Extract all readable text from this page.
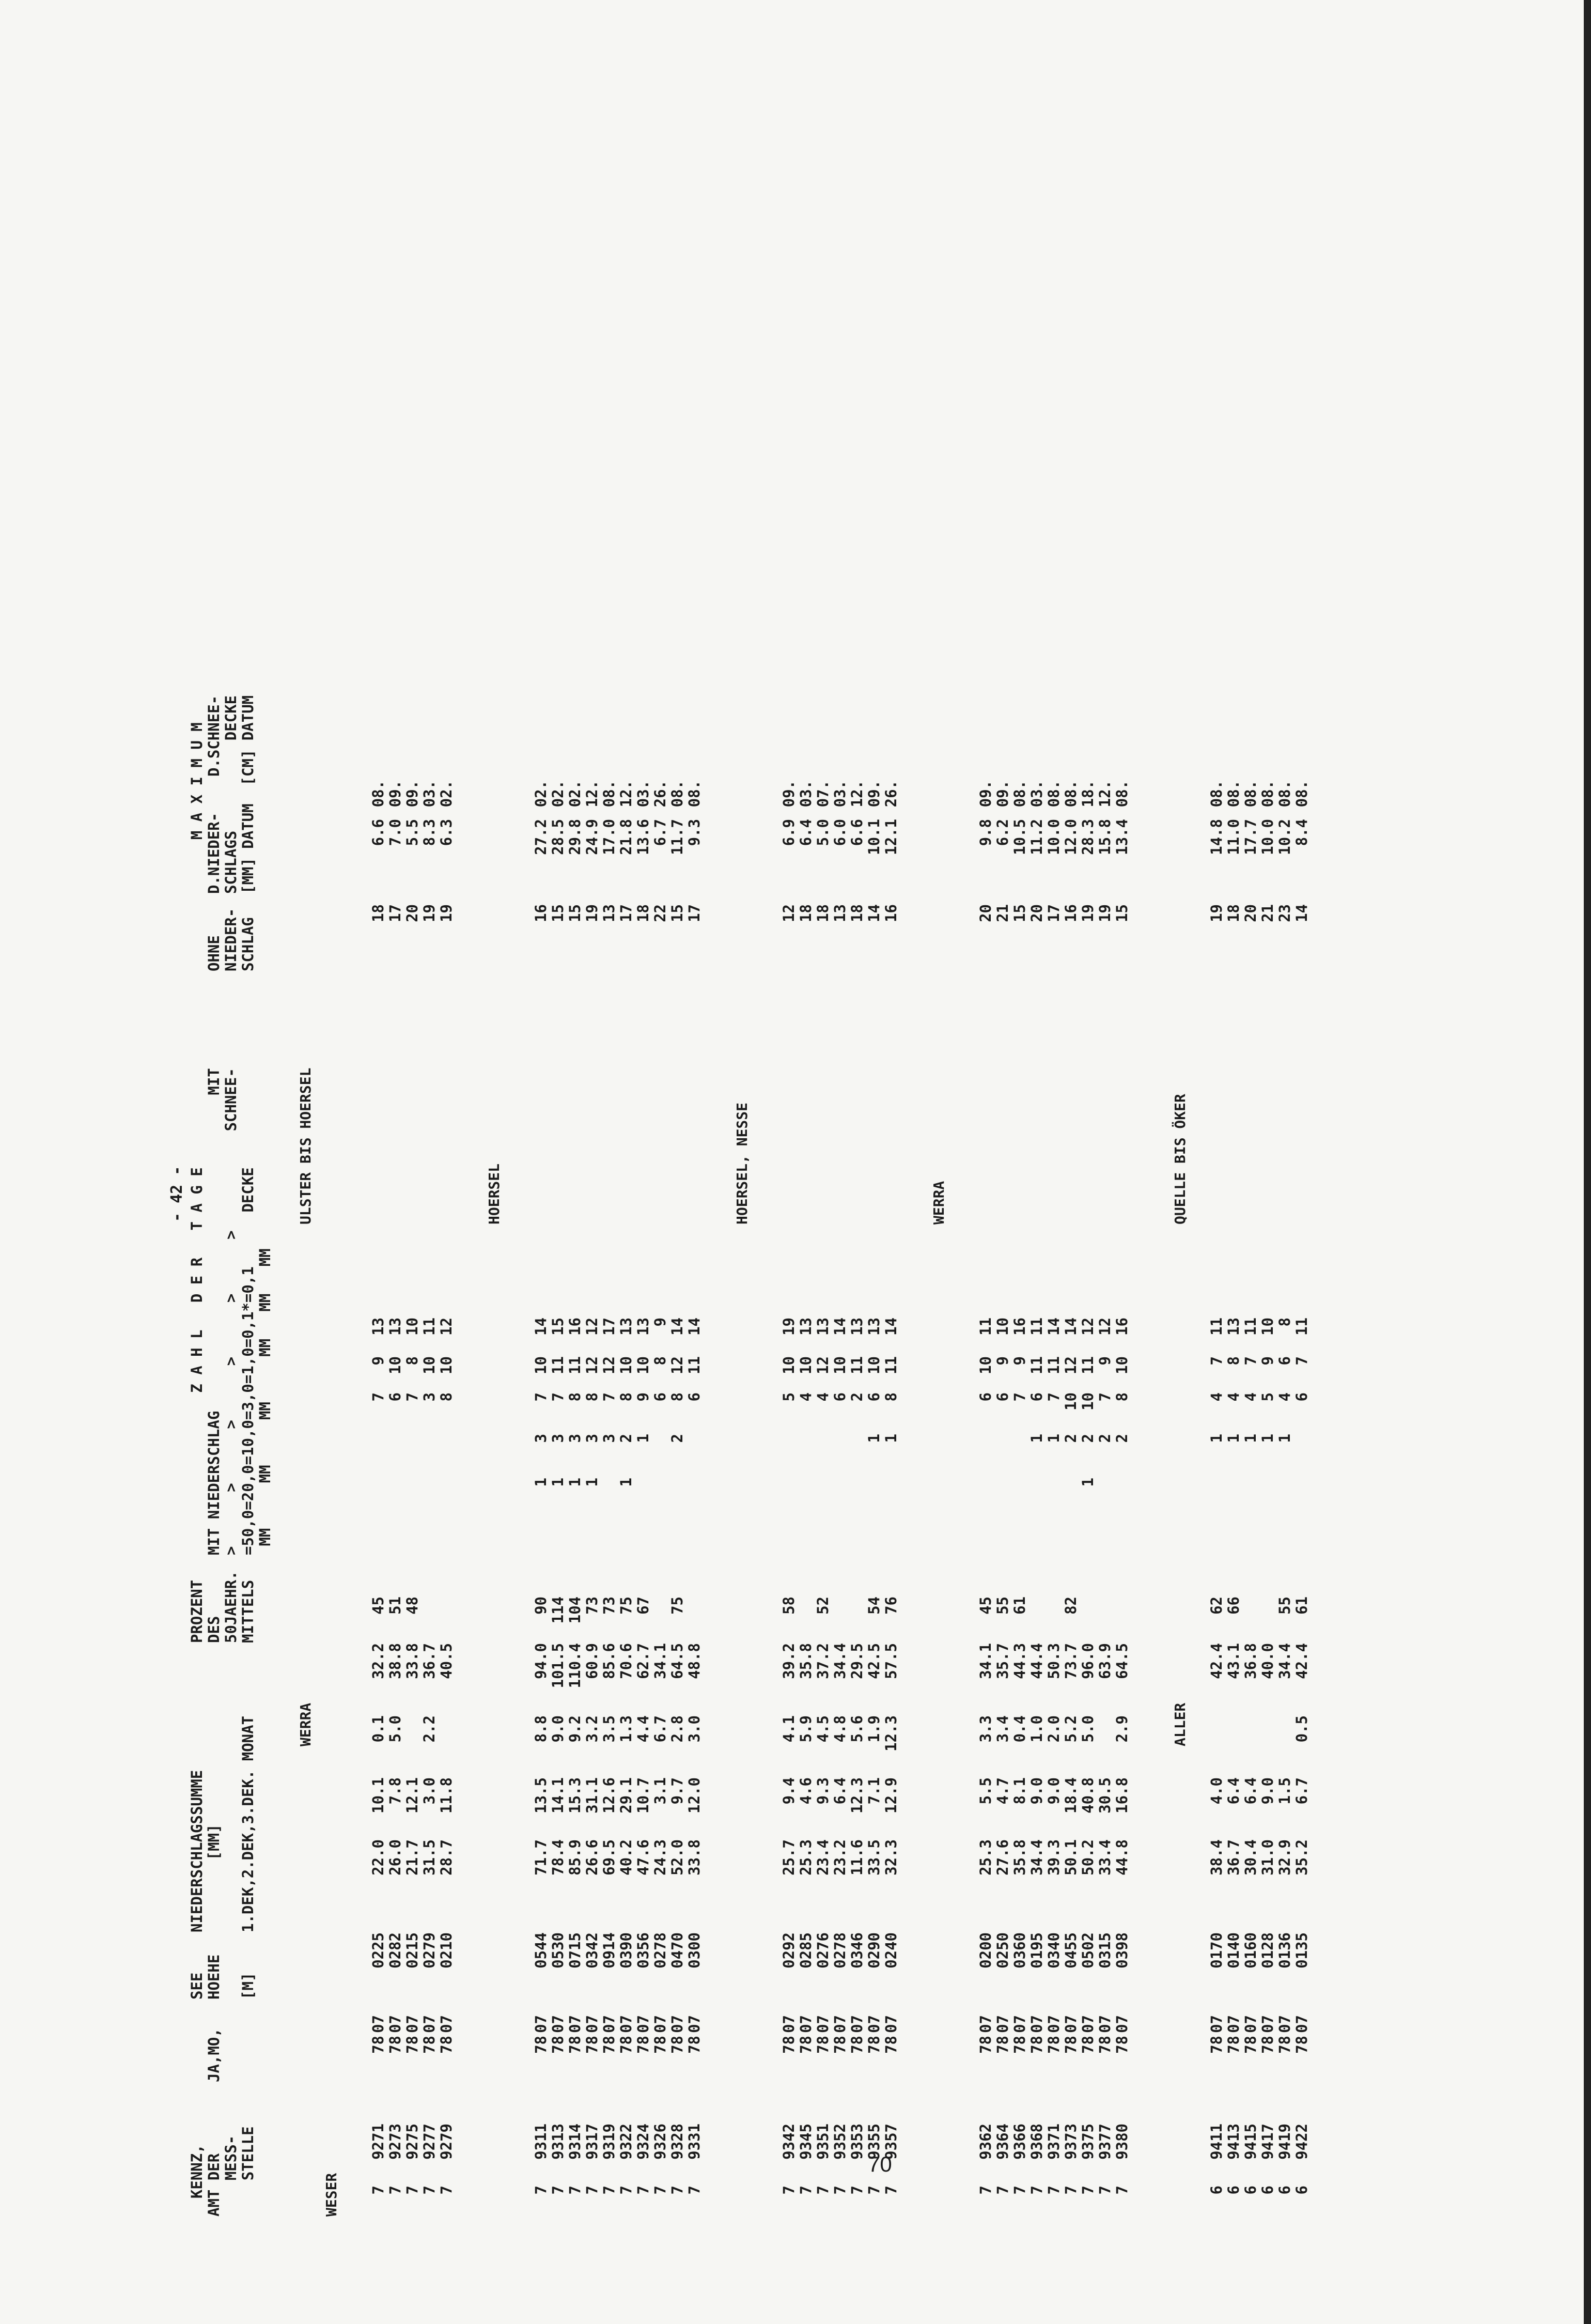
- 42 -
KENNZ,
AMT DER
MESS-
STELLE
JA,MO,
SEE
HOEHE

[M]
NIEDERSCHLAGSSUMME
[MM]

1.DEK,2.DEK,3.DEK. MONAT
PROZENT
DES
50JAEHR.
MITTELS
Z A H L   D E R   T A G E
MIT NIEDERSCHLAG                                   MIT
>      >      >      >      >      >           SCHNEE-
=50,0=20,0=10,0=3,0=1,0=0,1*=0,1      DECKE
MM     MM     MM     MM   MM   MM
OHNE
NIEDER-
SCHLAG
M A X I M U M
D.NIEDER-    D.SCHNEE-
SCHLAGS          DECKE
[MM] DATUM  [CM] DATUM
WESER
WERRA
ULSTER BIS HOERSEL
7
9271
78
07
0225
22.0
10.1
0.1
32.2
45
7
9
13
18
6.6
08.
7
9273
78
07
0282
26.0
7.8
5.0
38.8
51
6
10
13
17
7.0
09.
7
9275
78
07
0215
21.7
12.1
33.8
48
7
8
10
20
5.5
09.
7
9277
78
07
0279
31.5
3.0
2.2
36.7
3
10
11
19
8.3
03.
7
9279
78
07
0210
28.7
11.8
40.5
8
10
12
19
6.3
02.
HOERSEL
7
9311
78
07
0544
71.7
13.5
8.8
94.0
90
1
3
7
10
14
16
27.2
02.
7
9313
78
07
0530
78.4
14.1
9.0
101.5
114
1
3
7
11
15
15
28.5
02.
7
9314
78
07
0715
85.9
15.3
9.2
110.4
104
1
3
8
11
16
15
29.8
02.
7
9317
78
07
0342
26.6
31.1
3.2
60.9
73
1
3
8
12
12
19
24.9
12.
7
9319
78
07
0914
69.5
12.6
3.5
85.6
73
3
7
12
17
13
17.0
08.
7
9322
78
07
0390
40.2
29.1
1.3
70.6
75
1
2
8
10
13
17
21.8
12.
7
9324
78
07
0356
47.6
10.7
4.4
62.7
67
1
9
10
13
18
13.6
03.
7
9326
78
07
0278
24.3
3.1
6.7
34.1
6
8
9
22
6.7
26.
7
9328
78
07
0470
52.0
9.7
2.8
64.5
75
2
8
12
14
15
11.7
08.
7
9331
78
07
0300
33.8
12.0
3.0
48.8
6
11
14
17
9.3
08.
HOERSEL, NESSE
7
9342
78
07
0292
25.7
9.4
4.1
39.2
58
5
10
19
12
6.9
09.
7
9345
78
07
0285
25.3
4.6
5.9
35.8
4
10
13
18
6.4
03.
7
9351
78
07
0276
23.4
9.3
4.5
37.2
52
4
12
13
18
5.0
07.
7
9352
78
07
0278
23.2
6.4
4.8
34.4
6
10
14
13
6.0
03.
7
9353
78
07
0346
11.6
12.3
5.6
29.5
2
11
13
18
6.6
12.
7
9355
78
07
0290
33.5
7.1
1.9
42.5
54
1
6
10
13
14
10.1
09.
7
9357
78
07
0240
32.3
12.9
12.3
57.5
76
1
8
11
14
16
12.1
26.
WERRA
7
9362
78
07
0200
25.3
5.5
3.3
34.1
45
6
10
11
20
9.8
09.
7
9364
78
07
0250
27.6
4.7
3.4
35.7
55
6
9
10
21
6.2
09.
7
9366
78
07
0360
35.8
8.1
0.4
44.3
61
7
9
16
15
10.5
08.
7
9368
78
07
0195
34.4
9.0
1.0
44.4
1
6
11
11
20
11.2
03.
7
9371
78
07
0340
39.3
9.0
2.0
50.3
1
7
11
14
17
10.0
08.
7
9373
78
07
0455
50.1
18.4
5.2
73.7
82
2
10
12
14
16
12.0
08.
7
9375
78
07
0502
50.2
40.8
5.0
96.0
1
2
10
11
12
19
28.3
18.
7
9377
78
07
0315
33.4
30.5
63.9
2
7
9
12
19
15.8
12.
7
9380
78
07
0398
44.8
16.8
2.9
64.5
2
8
10
16
15
13.4
08.
ALLER
QUELLE BIS ÖKER
6
9411
78
07
0170
38.4
4.0
42.4
62
1
4
7
11
19
14.8
08.
6
9413
78
07
0140
36.7
6.4
43.1
66
1
4
8
13
18
11.0
08.
6
9415
78
07
0160
30.4
6.4
36.8
1
4
7
11
20
17.7
08.
6
9417
78
07
0128
31.0
9.0
40.0
1
5
9
10
21
10.0
08.
6
9419
78
07
0136
32.9
1.5
34.4
55
1
4
6
8
23
10.2
08.
6
9422
78
07
0135
35.2
6.7
0.5
42.4
61
6
7
11
14
8.4
08.
70
